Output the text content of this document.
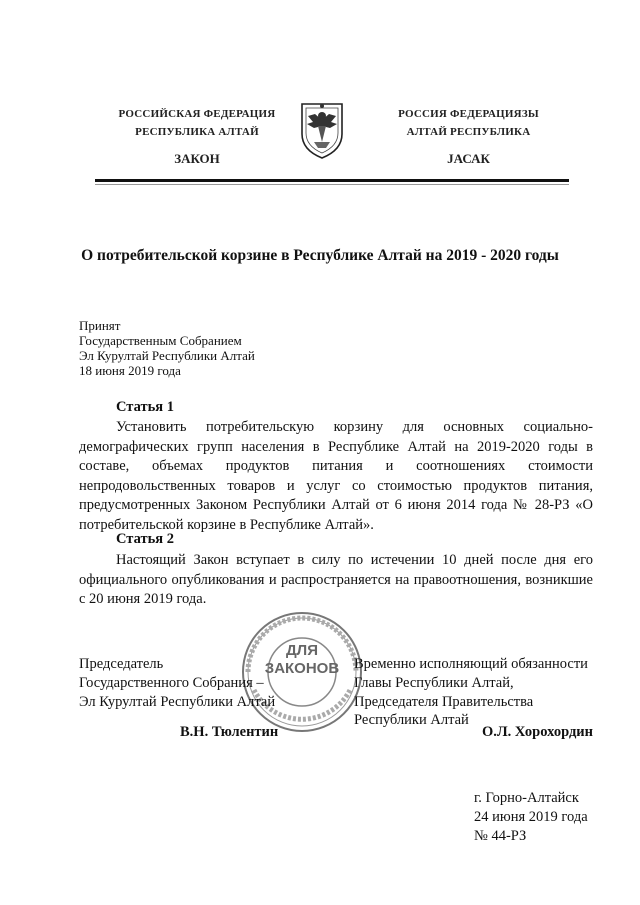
РОССИЙСКАЯ ФЕДЕРАЦИЯ
РЕСПУБЛИКА АЛТАЙ
ЗАКОН
РОССИЯ ФЕДЕРАЦИЯЗЫ
АЛТАЙ РЕСПУБЛИКА
ЈАСАК
О потребительской корзине в Республике Алтай на 2019 - 2020 годы
Принят
Государственным Собранием
Эл Курултай Республики Алтай
18 июня 2019 года
Статья 1
Установить потребительскую корзину для основных социально-демографических групп населения в Республике Алтай на 2019-2020 годы в составе, объемах продуктов питания и соотношениях стоимости непродовольственных товаров и услуг со стоимостью продуктов питания, предусмотренных Законом Республики Алтай от 6 июня 2014 года № 28-РЗ «О потребительской корзине в Республике Алтай».
Статья 2
Настоящий Закон вступает в силу по истечении 10 дней после дня его официального опубликования и распространяется на правоотношения, возникшие с 20 июня 2019 года.
ДЛЯ
ЗАКОНОВ
Председатель
Государственного Собрания –
Эл Курултай Республики Алтай
В.Н. Тюлентин
Временно исполняющий обязанности
Главы Республики Алтай,
Председателя Правительства
Республики Алтай
О.Л. Хорохордин
г. Горно-Алтайск
24 июня 2019 года
№ 44-РЗ
